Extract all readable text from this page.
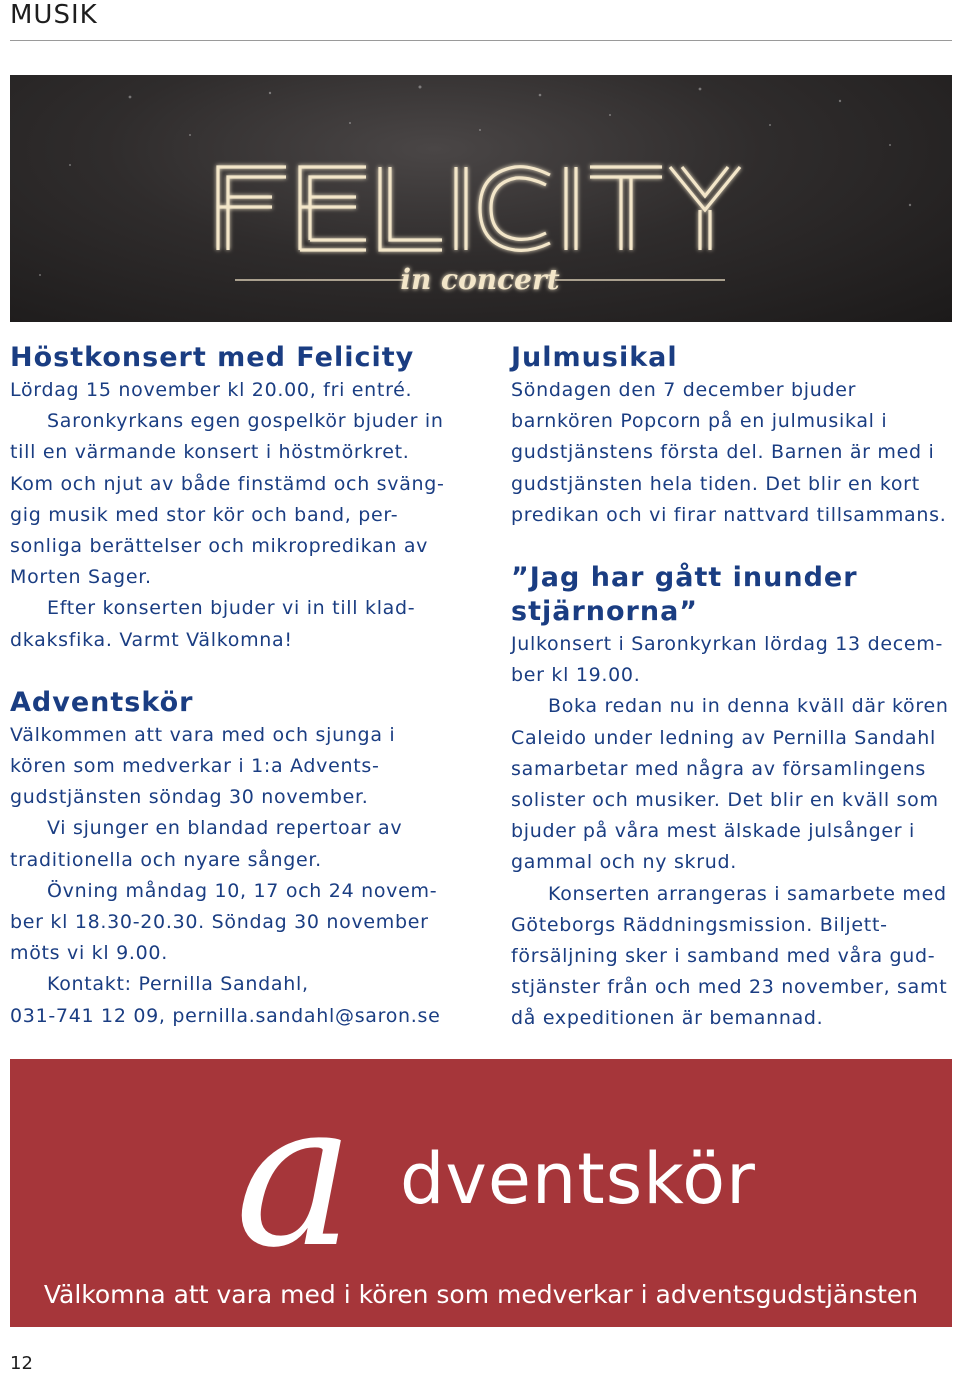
MUSIK
in concert
Höstkonsert med Felicity

Lördag 15 november kl 20.00, fri entré.

Saronkyrkans egen gospelkör bjuder in
till en värmande konsert i höstmörkret.
Kom och njut av både finstämd och sväng-
gig musik med stor kör och band, per-
sonliga berättelser och mikropredikan av
Morten Sager.

Efter konserten bjuder vi in till klad-
dkaksfika. Varmt Välkomna!

Adventskör

Välkommen att vara med och sjunga i
kören som medverkar i 1:a Advents-
gudstjänsten söndag 30 november.

Vi sjunger en blandad repertoar av
traditionella och nyare sånger.

Övning måndag 10, 17 och 24 novem-
ber kl 18.30-20.30. Söndag 30 november
möts vi kl 9.00.

Kontakt: Pernilla Sandahl,
031-741 12 09, pernilla.sandahl@saron.se

Julmusikal

Söndagen den 7 december bjuder
barnkören Popcorn på en julmusikal i
gudstjänstens första del. Barnen är med i
gudstjänsten hela tiden. Det blir en kort
predikan och vi firar nattvard tillsammans.

”Jag har gått inunder
stjärnorna”

Julkonsert i Saronkyrkan lördag 13 decem-
ber kl 19.00.

Boka redan nu in denna kväll där kören
Caleido under ledning av Pernilla Sandahl
samarbetar med några av församlingens
solister och musiker. Det blir en kväll som
bjuder på våra mest älskade julsånger i
gammal och ny skrud.

Konserten arrangeras i samarbete med
Göteborgs Räddningsmission. Biljett-
försäljning sker i samband med våra gud-
stjänster från och med 23 november, samt
då expeditionen är bemannad.

a dventskör
Välkomna att vara med i kören som medverkar i adventsgudstjänsten
12
